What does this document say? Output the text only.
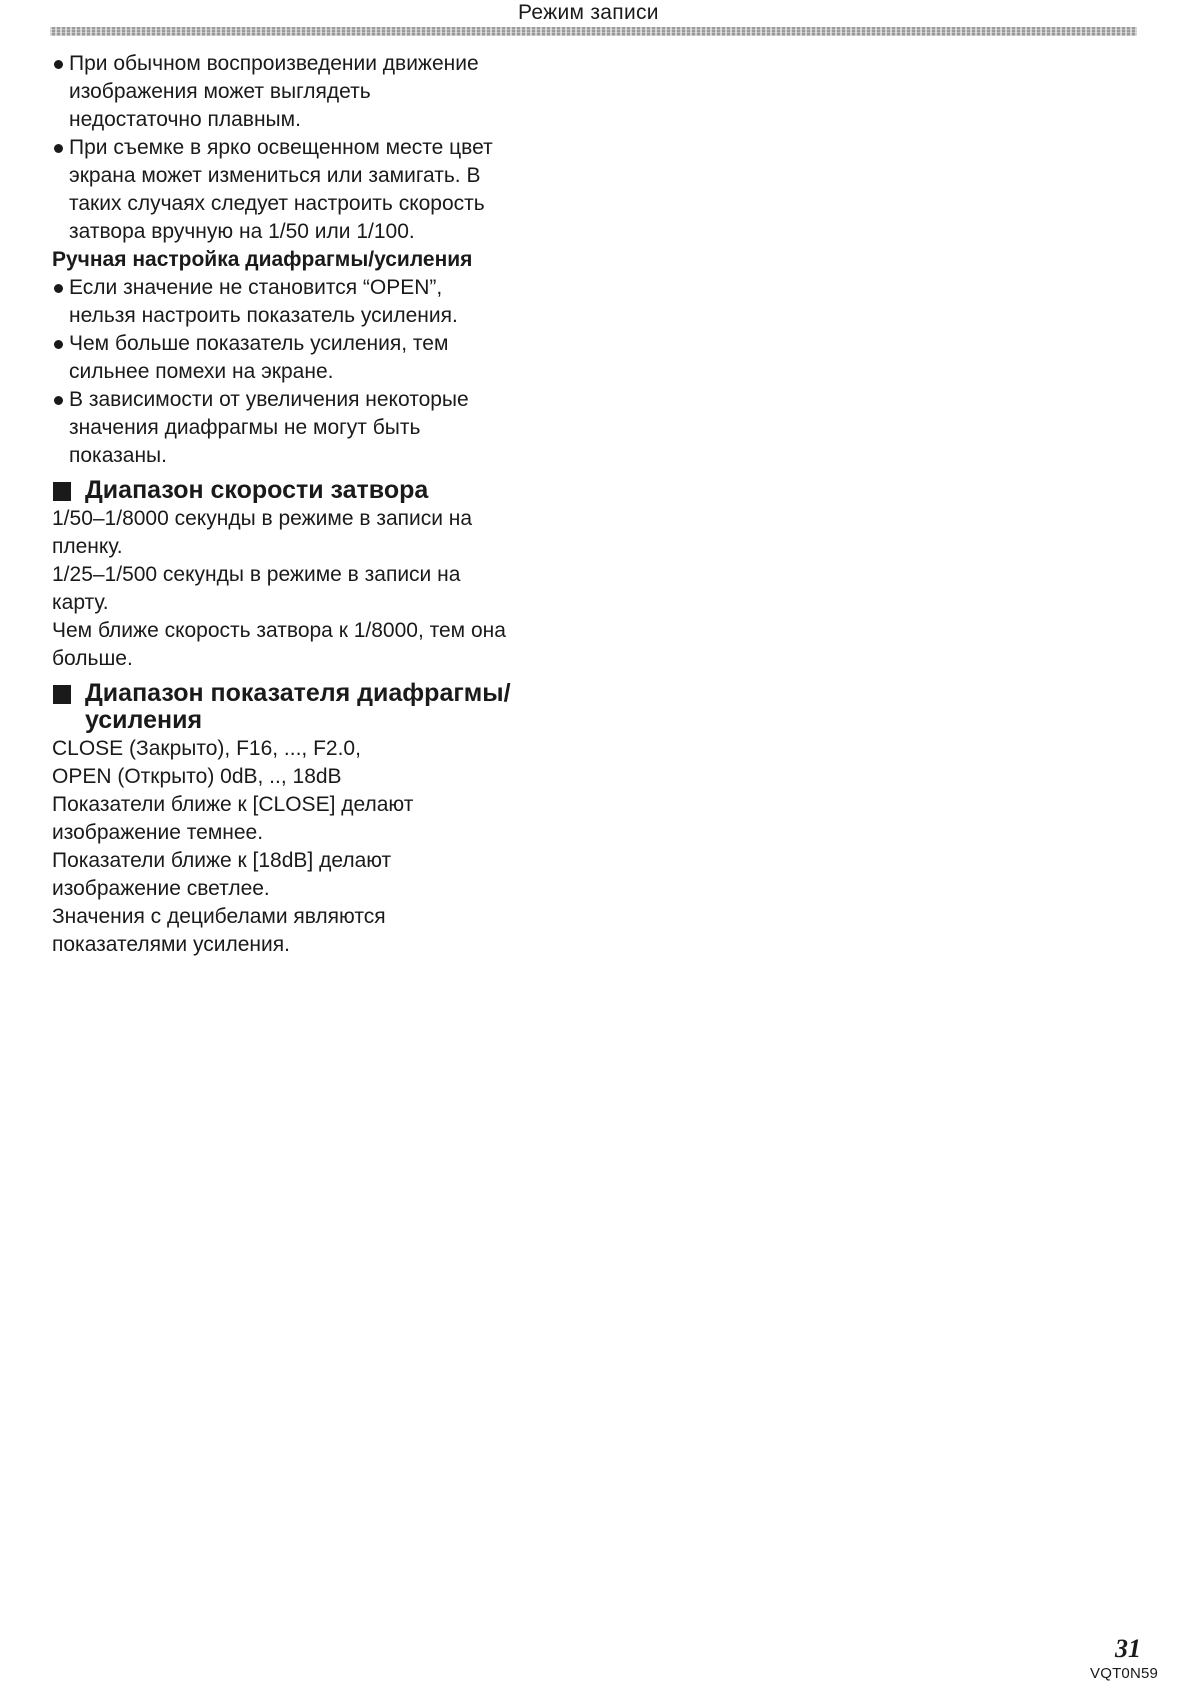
Режим записи
При обычном воспроизведении движение
изображения может выглядеть
недостаточно плавным.
При съемке в ярко освещенном месте цвет
экрана может измениться или замигать. В
таких случаях следует настроить скорость
затвора вручную на 1/50 или 1/100.
Ручная настройка диафрагмы/усиления
Если значение не становится “OPEN”,
нельзя настроить показатель усиления.
Чем больше показатель усиления, тем
сильнее помехи на экране.
В зависимости от увеличения некоторые
значения диафрагмы не могут быть
показаны.
Диапазон скорости затвора
1/50–1/8000 секунды в режиме в записи на
пленку.
1/25–1/500 секунды в режиме в записи на
карту.
Чем ближе скорость затвора к 1/8000, тем она
больше.
Диапазон показателя диафрагмы/
усиления
CLOSE (Закрыто), F16, ..., F2.0,
OPEN (Открыто) 0dB, .., 18dB
Показатели ближе к [CLOSE] делают
изображение темнее.
Показатели ближе к [18dB] делают
изображение светлее.
Значения с децибелами являются
показателями усиления.
31
VQT0N59
